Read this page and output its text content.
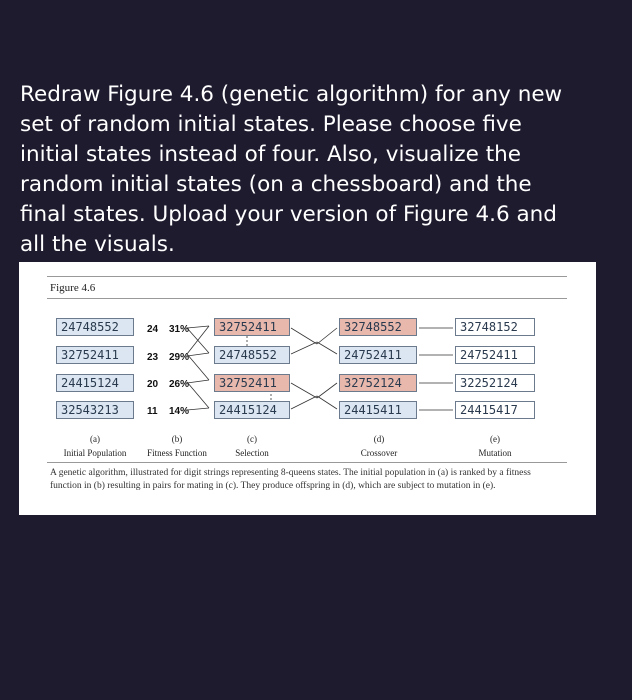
Redraw Figure 4.6 (genetic algorithm) for any new
set of random initial states. Please choose five
initial states instead of four. Also, visualize the
random initial states (on a chessboard) and the
final states. Upload your version of Figure 4.6 and
all the visuals.
Figure 4.6
24748552
32752411
24415124
32543213
24 31%
23 29%
20 26%
11 14%
32752411
24748552
32752411
24415124
32748552
24752411
32752124
24415411
32748152
24752411
32252124
24415417
(a)
Initial Population
(b)
Fitness Function
(c)
Selection
(d)
Crossover
(e)
Mutation
A genetic algorithm, illustrated for digit strings representing 8-queens states. The initial population in (a) is ranked by a fitness function in (b) resulting in pairs for mating in (c). They produce offspring in (d), which are subject to mutation in (e).
